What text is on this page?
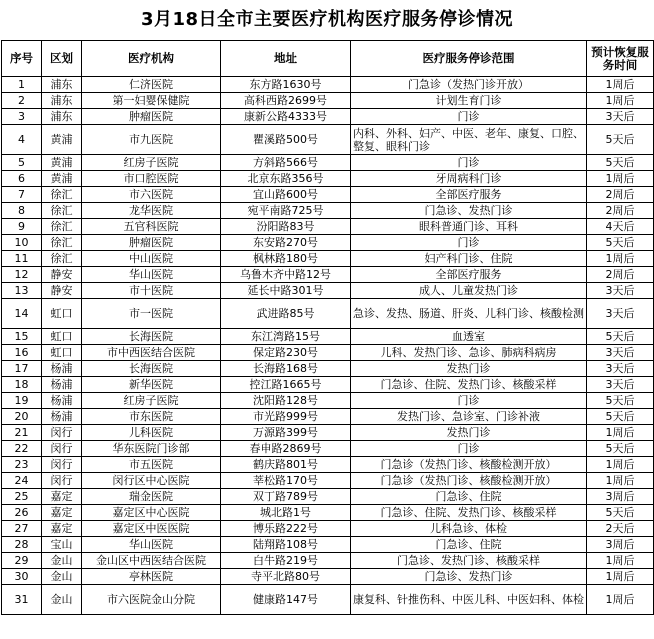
3月18日全市主要医疗机构医疗服务停诊情况
序号	区划	医疗机构	地址	医疗服务停诊范围	预计恢复服务时间
1	浦东	仁济医院	东方路1630号	门急诊（发热门诊开放）	1周后
2	浦东	第一妇婴保健院	高科西路2699号	计划生育门诊	1周后
3	浦东	肿瘤医院	康新公路4333号	门诊	3天后
4	黄浦	市九医院	瞿溪路500号	内科、外科、妇产、中医、老年、康复、口腔、整复、眼科门诊	5天后
5	黄浦	红房子医院	方斜路566号	门诊	5天后
6	黄浦	市口腔医院	北京东路356号	牙周病科门诊	1周后
7	徐汇	市六医院	宜山路600号	全部医疗服务	2周后
8	徐汇	龙华医院	宛平南路725号	门急诊、发热门诊	2周后
9	徐汇	五官科医院	汾阳路83号	眼科普通门诊、耳科	4天后
10	徐汇	肿瘤医院	东安路270号	门诊	5天后
11	徐汇	中山医院	枫林路180号	妇产科门诊、住院	1周后
12	静安	华山医院	乌鲁木齐中路12号	全部医疗服务	2周后
13	静安	市十医院	延长中路301号	成人、儿童发热门诊	3天后
14	虹口	市一医院	武进路85号	急诊、发热、肠道、肝炎、儿科门诊、核酸检测	3天后
15	虹口	长海医院	东江湾路15号	血透室	5天后
16	虹口	市中西医结合医院	保定路230号	儿科、发热门诊、急诊、肺病科病房	3天后
17	杨浦	长海医院	长海路168号	发热门诊	3天后
18	杨浦	新华医院	控江路1665号	门急诊、住院、发热门诊、核酸采样	3天后
19	杨浦	红房子医院	沈阳路128号	门诊	5天后
20	杨浦	市东医院	市光路999号	发热门诊、急诊室、门诊补液	5天后
21	闵行	儿科医院	万源路399号	发热门诊	1周后
22	闵行	华东医院门诊部	春申路2869号	门诊	5天后
23	闵行	市五医院	鹤庆路801号	门急诊（发热门诊、核酸检测开放）	1周后
24	闵行	闵行区中心医院	莘松路170号	门急诊（发热门诊、核酸检测开放）	1周后
25	嘉定	瑞金医院	双丁路789号	门急诊、住院	3周后
26	嘉定	嘉定区中心医院	城北路1号	门急诊、住院、发热门诊、核酸采样	5天后
27	嘉定	嘉定区中医医院	博乐路222号	儿科急诊、体检	2天后
28	宝山	华山医院	陆翔路108号	门急诊、住院	3周后
29	金山	金山区中西医结合医院	白牛路219号	门急诊、发热门诊、核酸采样	1周后
30	金山	亭林医院	寺平北路80号	门急诊、发热门诊	1周后
31	金山	市六医院金山分院	健康路147号	康复科、针推伤科、中医儿科、中医妇科、体检	1周后
